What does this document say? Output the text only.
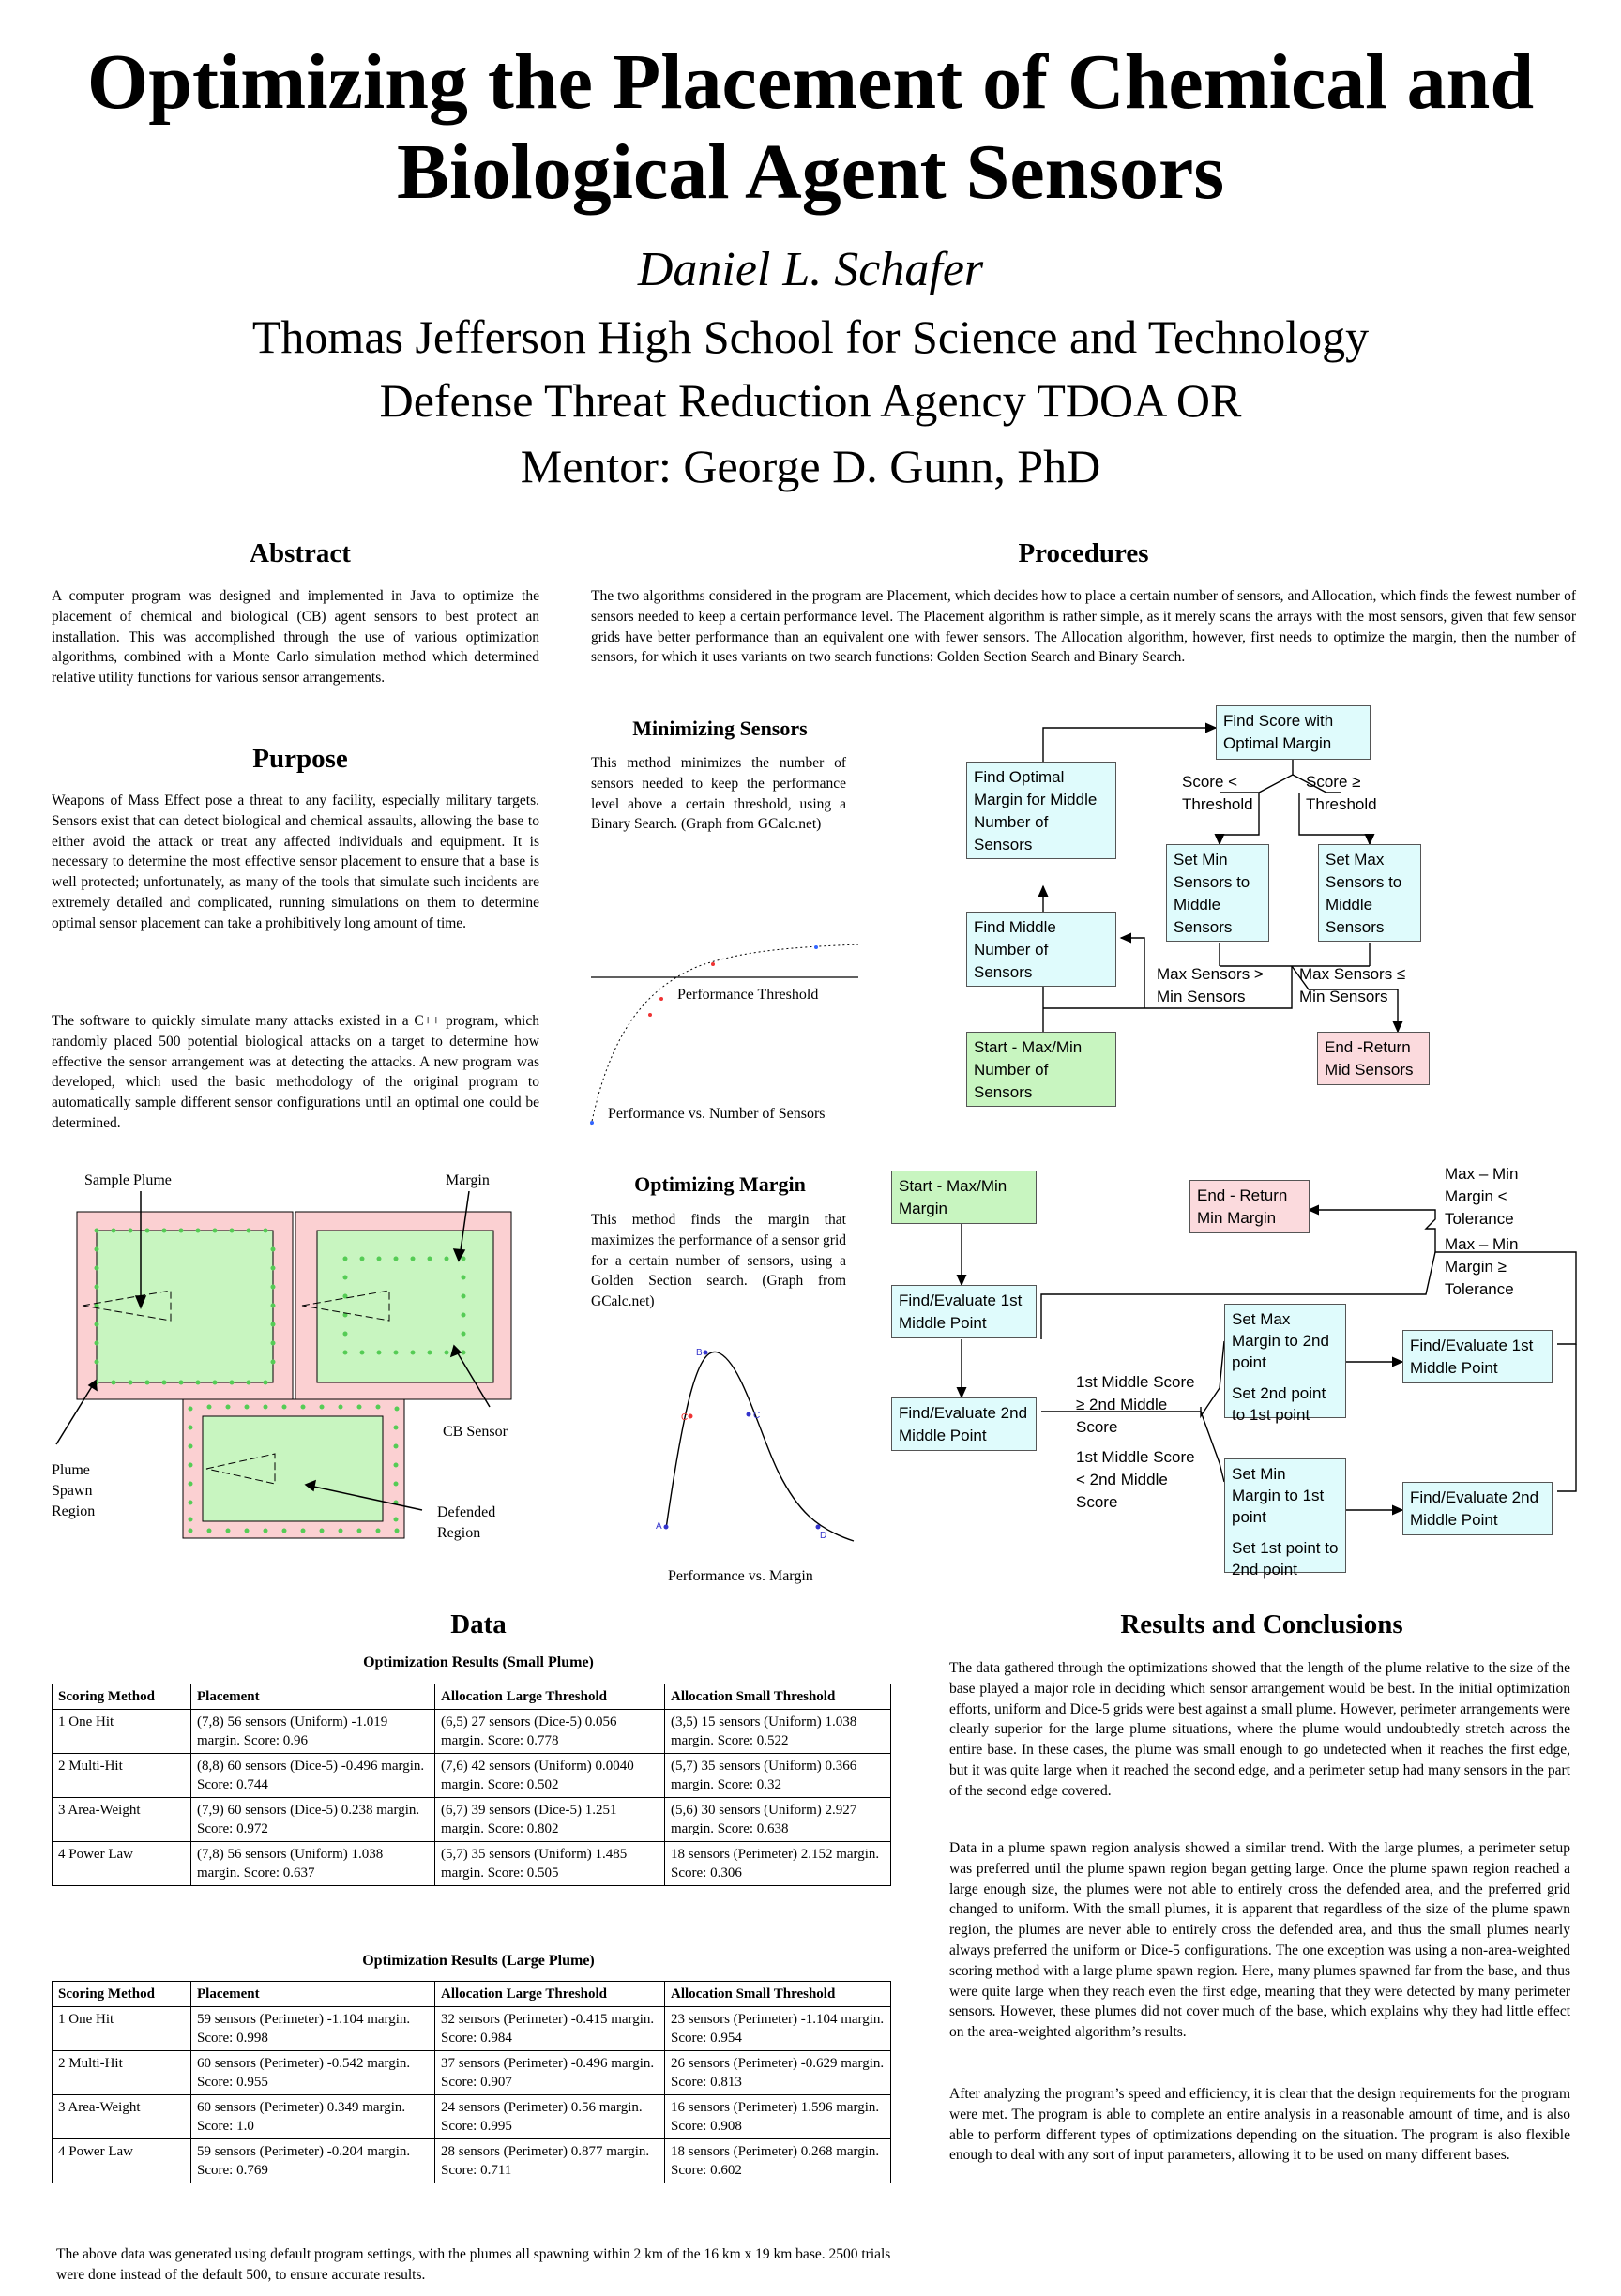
Optimizing the Placement of Chemical and Biological Agent Sensors
Daniel L. Schafer
Thomas Jefferson High School for Science and Technology
Defense Threat Reduction Agency TDOA OR
Mentor: George D. Gunn, PhD
Abstract
A computer program was designed and implemented in Java to optimize the placement of chemical and biological (CB) agent sensors to best protect an installation. This was accomplished through the use of various optimization algorithms, combined with a Monte Carlo simulation method which determined relative utility functions for various sensor arrangements.
Purpose
Weapons of Mass Effect pose a threat to any facility, especially military targets. Sensors exist that can detect biological and chemical assaults, allowing the base to either avoid the attack or treat any affected individuals and equipment. It is necessary to determine the most effective sensor placement to ensure that a base is well protected; unfortunately, as many of the tools that simulate such incidents are extremely detailed and complicated, running simulations on them to determine optimal sensor placement can take a prohibitively long amount of time.
The software to quickly simulate many attacks existed in a C++ program, which randomly placed 500 potential biological attacks on a target to determine how effective the sensor arrangement was at detecting the attacks. A new program was developed, which used the basic methodology of the original program to automatically sample different sensor configurations until an optimal one could be determined.
Procedures
The two algorithms considered in the program are Placement, which decides how to place a certain number of sensors, and Allocation, which finds the fewest number of sensors needed to keep a certain performance level. The Placement algorithm is rather simple, as it merely scans the arrays with the most sensors, given that few sensor grids have better performance than an equivalent one with fewer sensors. The Allocation algorithm, however, first needs to optimize the margin, then the number of sensors, for which it uses variants on two search functions: Golden Section Search and Binary Search.
Minimizing Sensors
This method minimizes the number of sensors needed to keep the performance level above a certain threshold, using a Binary Search. (Graph from GCalc.net)
Performance Threshold
Performance vs. Number of Sensors
Optimizing Margin
This method finds the margin that maximizes the performance of a sensor grid for a certain number of sensors, using a Golden Section search. (Graph from GCalc.net)
A
B
C	C
D
Performance vs. Margin
Find Score with Optimal Margin
Find Optimal Margin for Middle Number of Sensors
Score < Threshold
Score ≥ Threshold
Set Min Sensors to Middle Sensors
Set Max Sensors to Middle Sensors
Find Middle Number of Sensors	Max Sensors > Min Sensors
Max Sensors ≤ Min Sensors
Start - Max/Min Number of Sensors
End -Return Mid Sensors
Sample Plume	Margin
CB Sensor
Plume Spawn Region	Defended Region
Start - Max/Min Margin
End - Return Min Margin
Max – Min Margin < Tolerance
Max – Min Margin ≥ Tolerance
Find/Evaluate 1st Middle Point
Find/Evaluate 2nd Middle Point
1st Middle Score ≥ 2nd Middle Score
1st Middle Score < 2nd Middle Score
Set Max Margin to 2nd point
Set 2nd point to 1st point
Set Min Margin to 1st point
Set 1st point to 2nd point
Find/Evaluate 1st Middle Point
Find/Evaluate 2nd Middle Point
Data
Optimization Results (Small Plume)
Scoring Method	Placement	Allocation Large Threshold	Allocation Small Threshold
1 One Hit	(7,8) 56 sensors (Uniform) -1.019 margin. Score: 0.96	(6,5) 27 sensors (Dice-5) 0.056 margin. Score: 0.778	(3,5) 15 sensors (Uniform) 1.038 margin. Score: 0.522
2 Multi-Hit	(8,8) 60 sensors (Dice-5) -0.496 margin. Score: 0.744	(7,6) 42 sensors (Uniform) 0.0040 margin. Score: 0.502	(5,7) 35 sensors (Uniform) 0.366 margin. Score: 0.32
3 Area-Weight	(7,9) 60 sensors (Dice-5) 0.238 margin. Score: 0.972	(6,7) 39 sensors (Dice-5) 1.251 margin. Score: 0.802	(5,6) 30 sensors (Uniform) 2.927 margin. Score: 0.638
4 Power Law	(7,8) 56 sensors (Uniform) 1.038 margin. Score: 0.637	(5,7) 35 sensors (Uniform) 1.485 margin. Score: 0.505	18 sensors (Perimeter) 2.152 margin. Score: 0.306
Optimization Results (Large Plume)
Scoring Method	Placement	Allocation Large Threshold	Allocation Small Threshold
1 One Hit	59 sensors (Perimeter) -1.104 margin. Score: 0.998	32 sensors (Perimeter) -0.415 margin. Score: 0.984	23 sensors (Perimeter) -1.104 margin. Score: 0.954
2 Multi-Hit	60 sensors (Perimeter) -0.542 margin. Score: 0.955	37 sensors (Perimeter) -0.496 margin. Score: 0.907	26 sensors (Perimeter) -0.629 margin. Score: 0.813
3 Area-Weight	60 sensors (Perimeter) 0.349 margin. Score: 1.0	24 sensors (Perimeter) 0.56 margin. Score: 0.995	16 sensors (Perimeter) 1.596 margin. Score: 0.908
4 Power Law	59 sensors (Perimeter) -0.204 margin. Score: 0.769	28 sensors (Perimeter) 0.877 margin. Score: 0.711	18 sensors (Perimeter) 0.268 margin. Score: 0.602
The above data was generated using default program settings, with the plumes all spawning within 2 km of the 16 km x 19 km base. 2500 trials were done instead of the default 500, to ensure accurate results.
Results and Conclusions
The data gathered through the optimizations showed that the length of the plume relative to the size of the base played a major role in deciding which sensor arrangement would be best. In the initial optimization efforts, uniform and Dice-5 grids were best against a small plume. However, perimeter arrangements were clearly superior for the large plume situations, where the plume would undoubtedly stretch across the entire base. In these cases, the plume was small enough to go undetected when it reaches the first edge, but it was quite large when it reached the second edge, and a perimeter setup had many sensors in the part of the second edge covered.
Data in a plume spawn region analysis showed a similar trend. With the large plumes, a perimeter setup was preferred until the plume spawn region began getting large. Once the plume spawn region reached a large enough size, the plumes were not able to entirely cross the defended area, and the preferred grid changed to uniform. With the small plumes, it is apparent that regardless of the size of the plume spawn region, the plumes are never able to entirely cross the defended area, and thus the small plumes nearly always preferred the uniform or Dice-5 configurations. The one exception was using a non-area-weighted scoring method with a large plume spawn region. Here, many plumes spawned far from the base, and thus were quite large when they reach even the first edge, meaning that they were detected by many perimeter sensors. However, these plumes did not cover much of the base, which explains why they had little effect on the area-weighted algorithm’s results.
After analyzing the program’s speed and efficiency, it is clear that the design requirements for the program were met. The program is able to complete an entire analysis in a reasonable amount of time, and is also able to perform different types of optimizations depending on the situation. The program is also flexible enough to deal with any sort of input parameters, allowing it to be used on many different bases.
